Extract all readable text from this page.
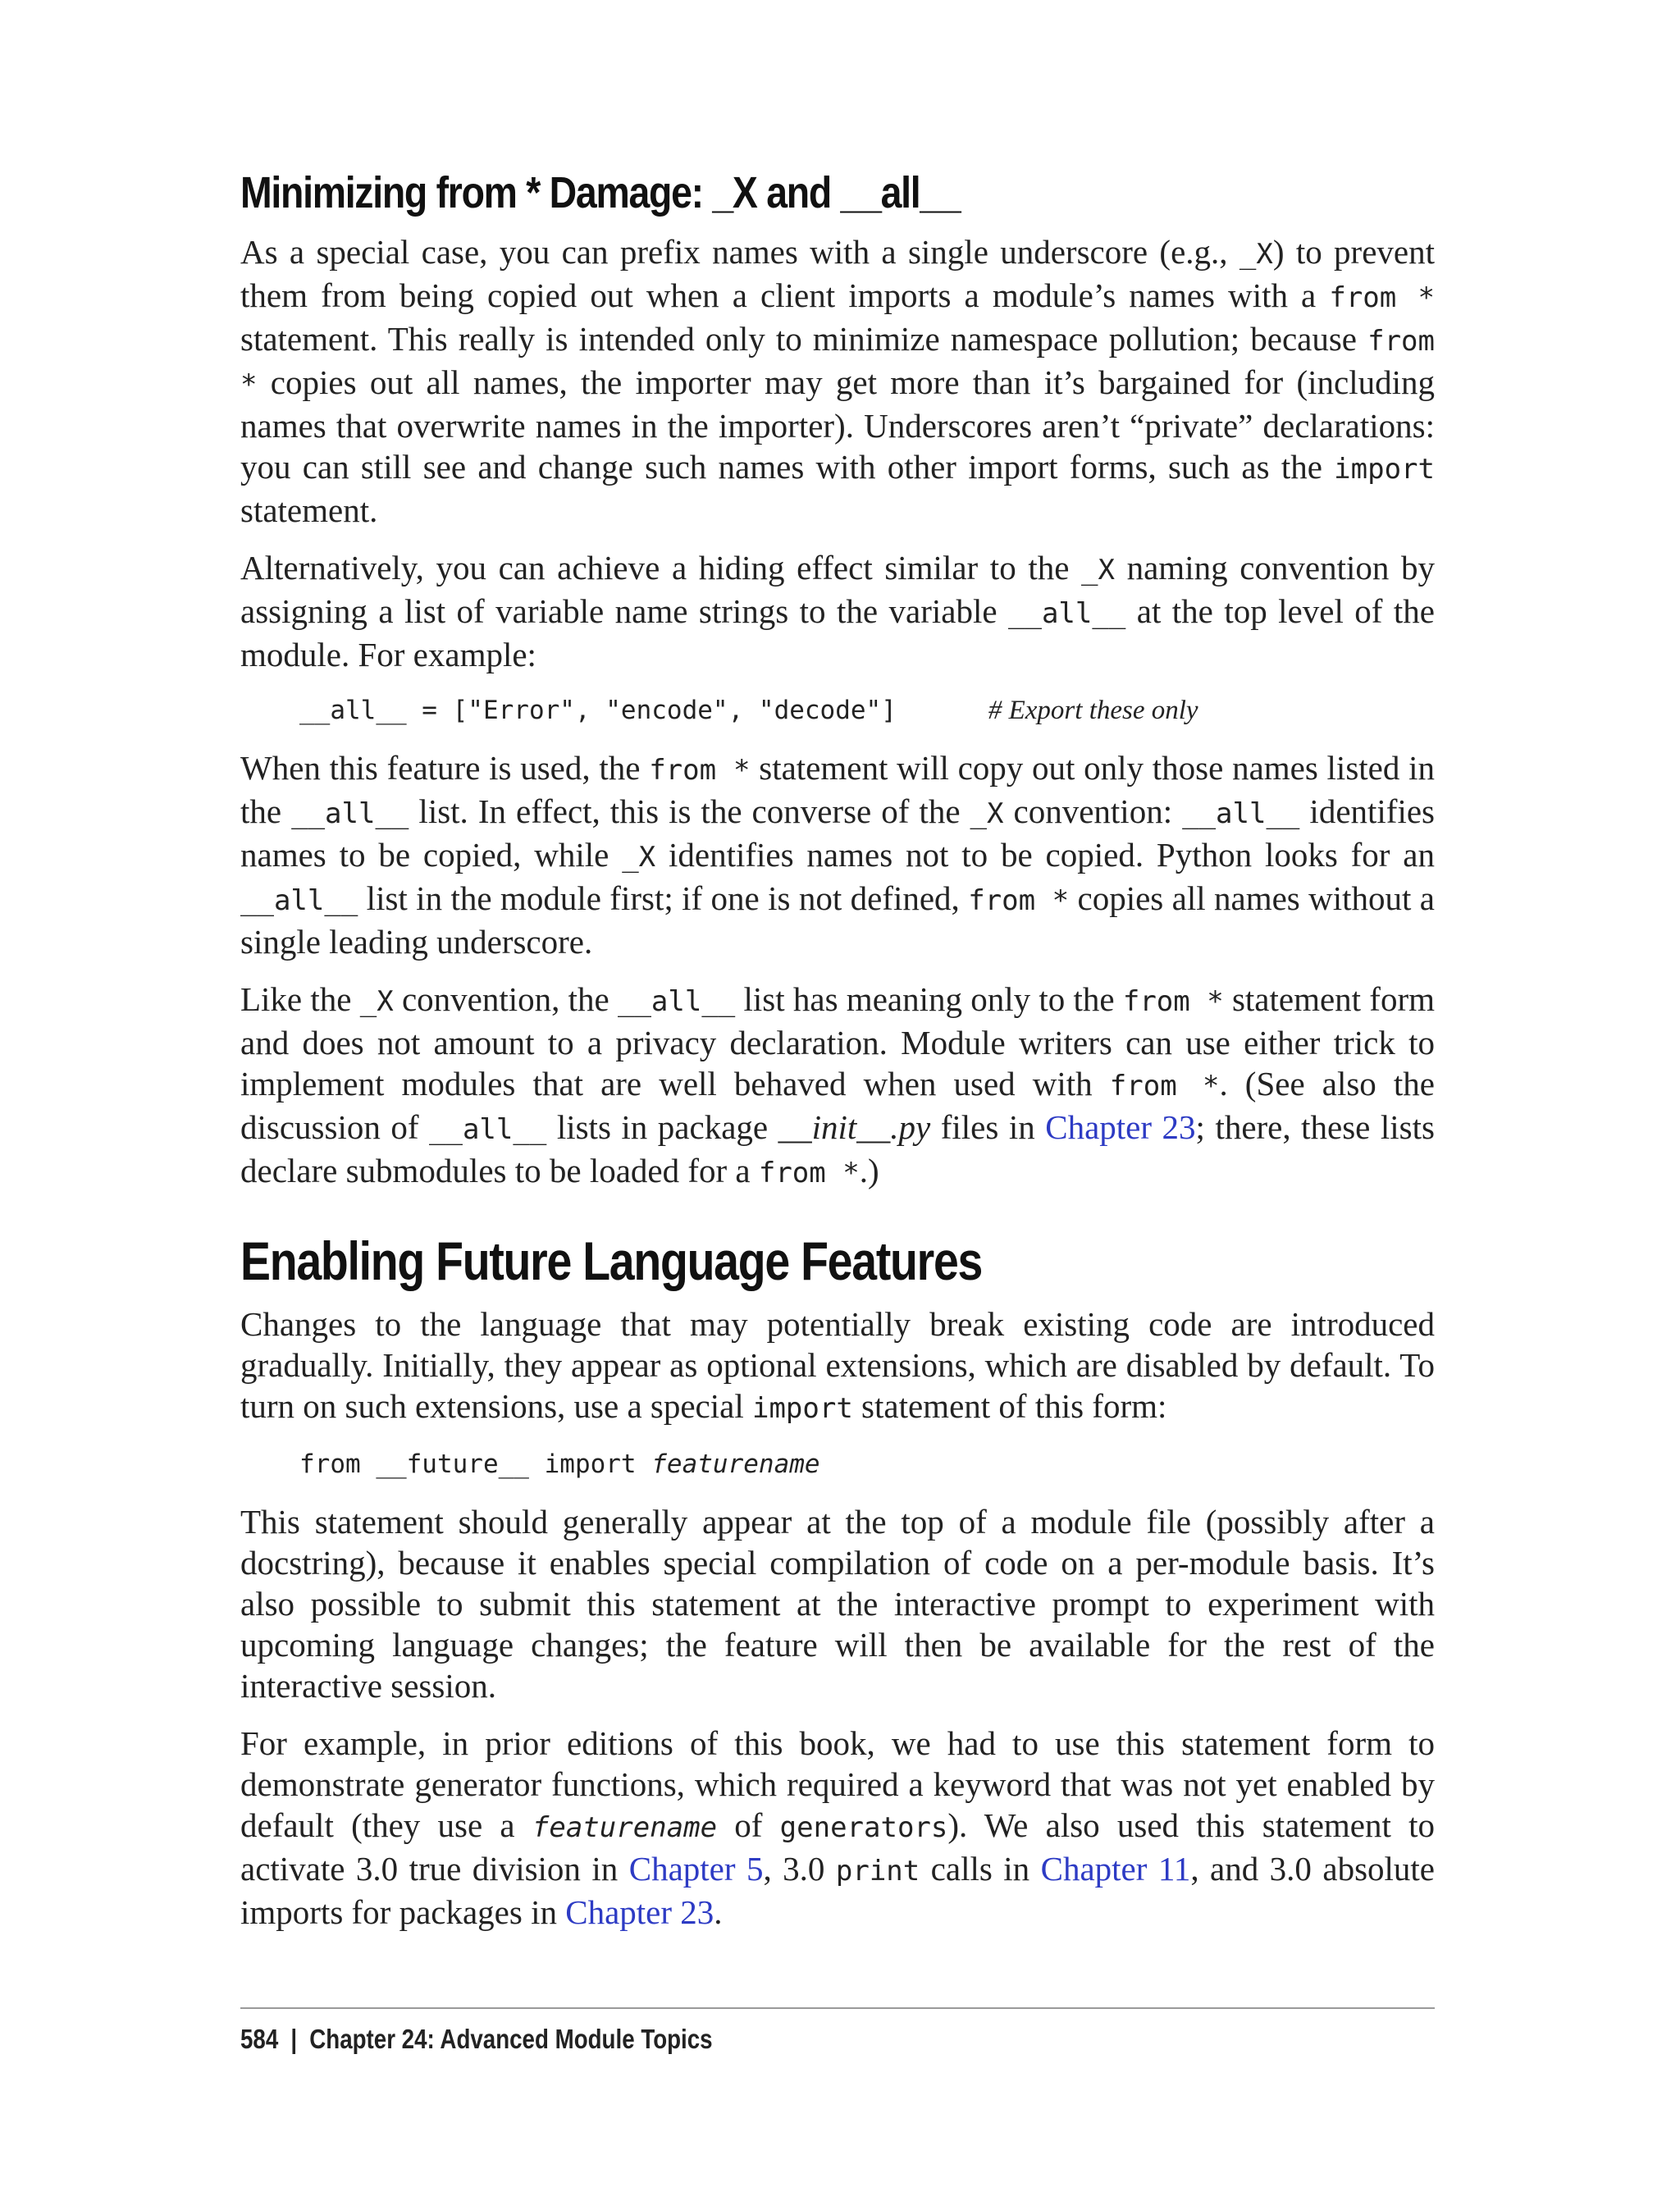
Minimizing from * Damage: _X and __all__

As a special case, you can prefix names with a single underscore (e.g., _X) to prevent them from being copied out when a client imports a module’s names with a from * statement. This really is intended only to minimize namespace pollution; because from * copies out all names, the importer may get more than it’s bargained for (including names that overwrite names in the importer). Underscores aren’t “private” declarations: you can still see and change such names with other import forms, such as the import statement.

Alternatively, you can achieve a hiding effect similar to the _X naming convention by assigning a list of variable name strings to the variable __all__ at the top level of the module. For example:

__all__ = ["Error", "encode", "decode"]	# Export these only

When this feature is used, the from * statement will copy out only those names listed in the __all__ list. In effect, this is the converse of the _X convention: __all__ identifies names to be copied, while _X identifies names not to be copied. Python looks for an __all__ list in the module first; if one is not defined, from * copies all names without a single leading underscore.

Like the _X convention, the __all__ list has meaning only to the from * statement form and does not amount to a privacy declaration. Module writers can use either trick to implement modules that are well behaved when used with from *. (See also the discussion of __all__ lists in package __init__.py files in Chapter 23; there, these lists declare submodules to be loaded for a from *.)

Enabling Future Language Features

Changes to the language that may potentially break existing code are introduced gradually. Initially, they appear as optional extensions, which are disabled by default. To turn on such extensions, use a special import statement of this form:

from __future__ import featurename

This statement should generally appear at the top of a module file (possibly after a docstring), because it enables special compilation of code on a per-module basis. It’s also possible to submit this statement at the interactive prompt to experiment with upcoming language changes; the feature will then be available for the rest of the interactive session.

For example, in prior editions of this book, we had to use this statement form to demonstrate generator functions, which required a keyword that was not yet enabled by default (they use a featurename of generators). We also used this statement to activate 3.0 true division in Chapter 5, 3.0 print calls in Chapter 11, and 3.0 absolute imports for packages in Chapter 23.

584 | Chapter 24: Advanced Module Topics
